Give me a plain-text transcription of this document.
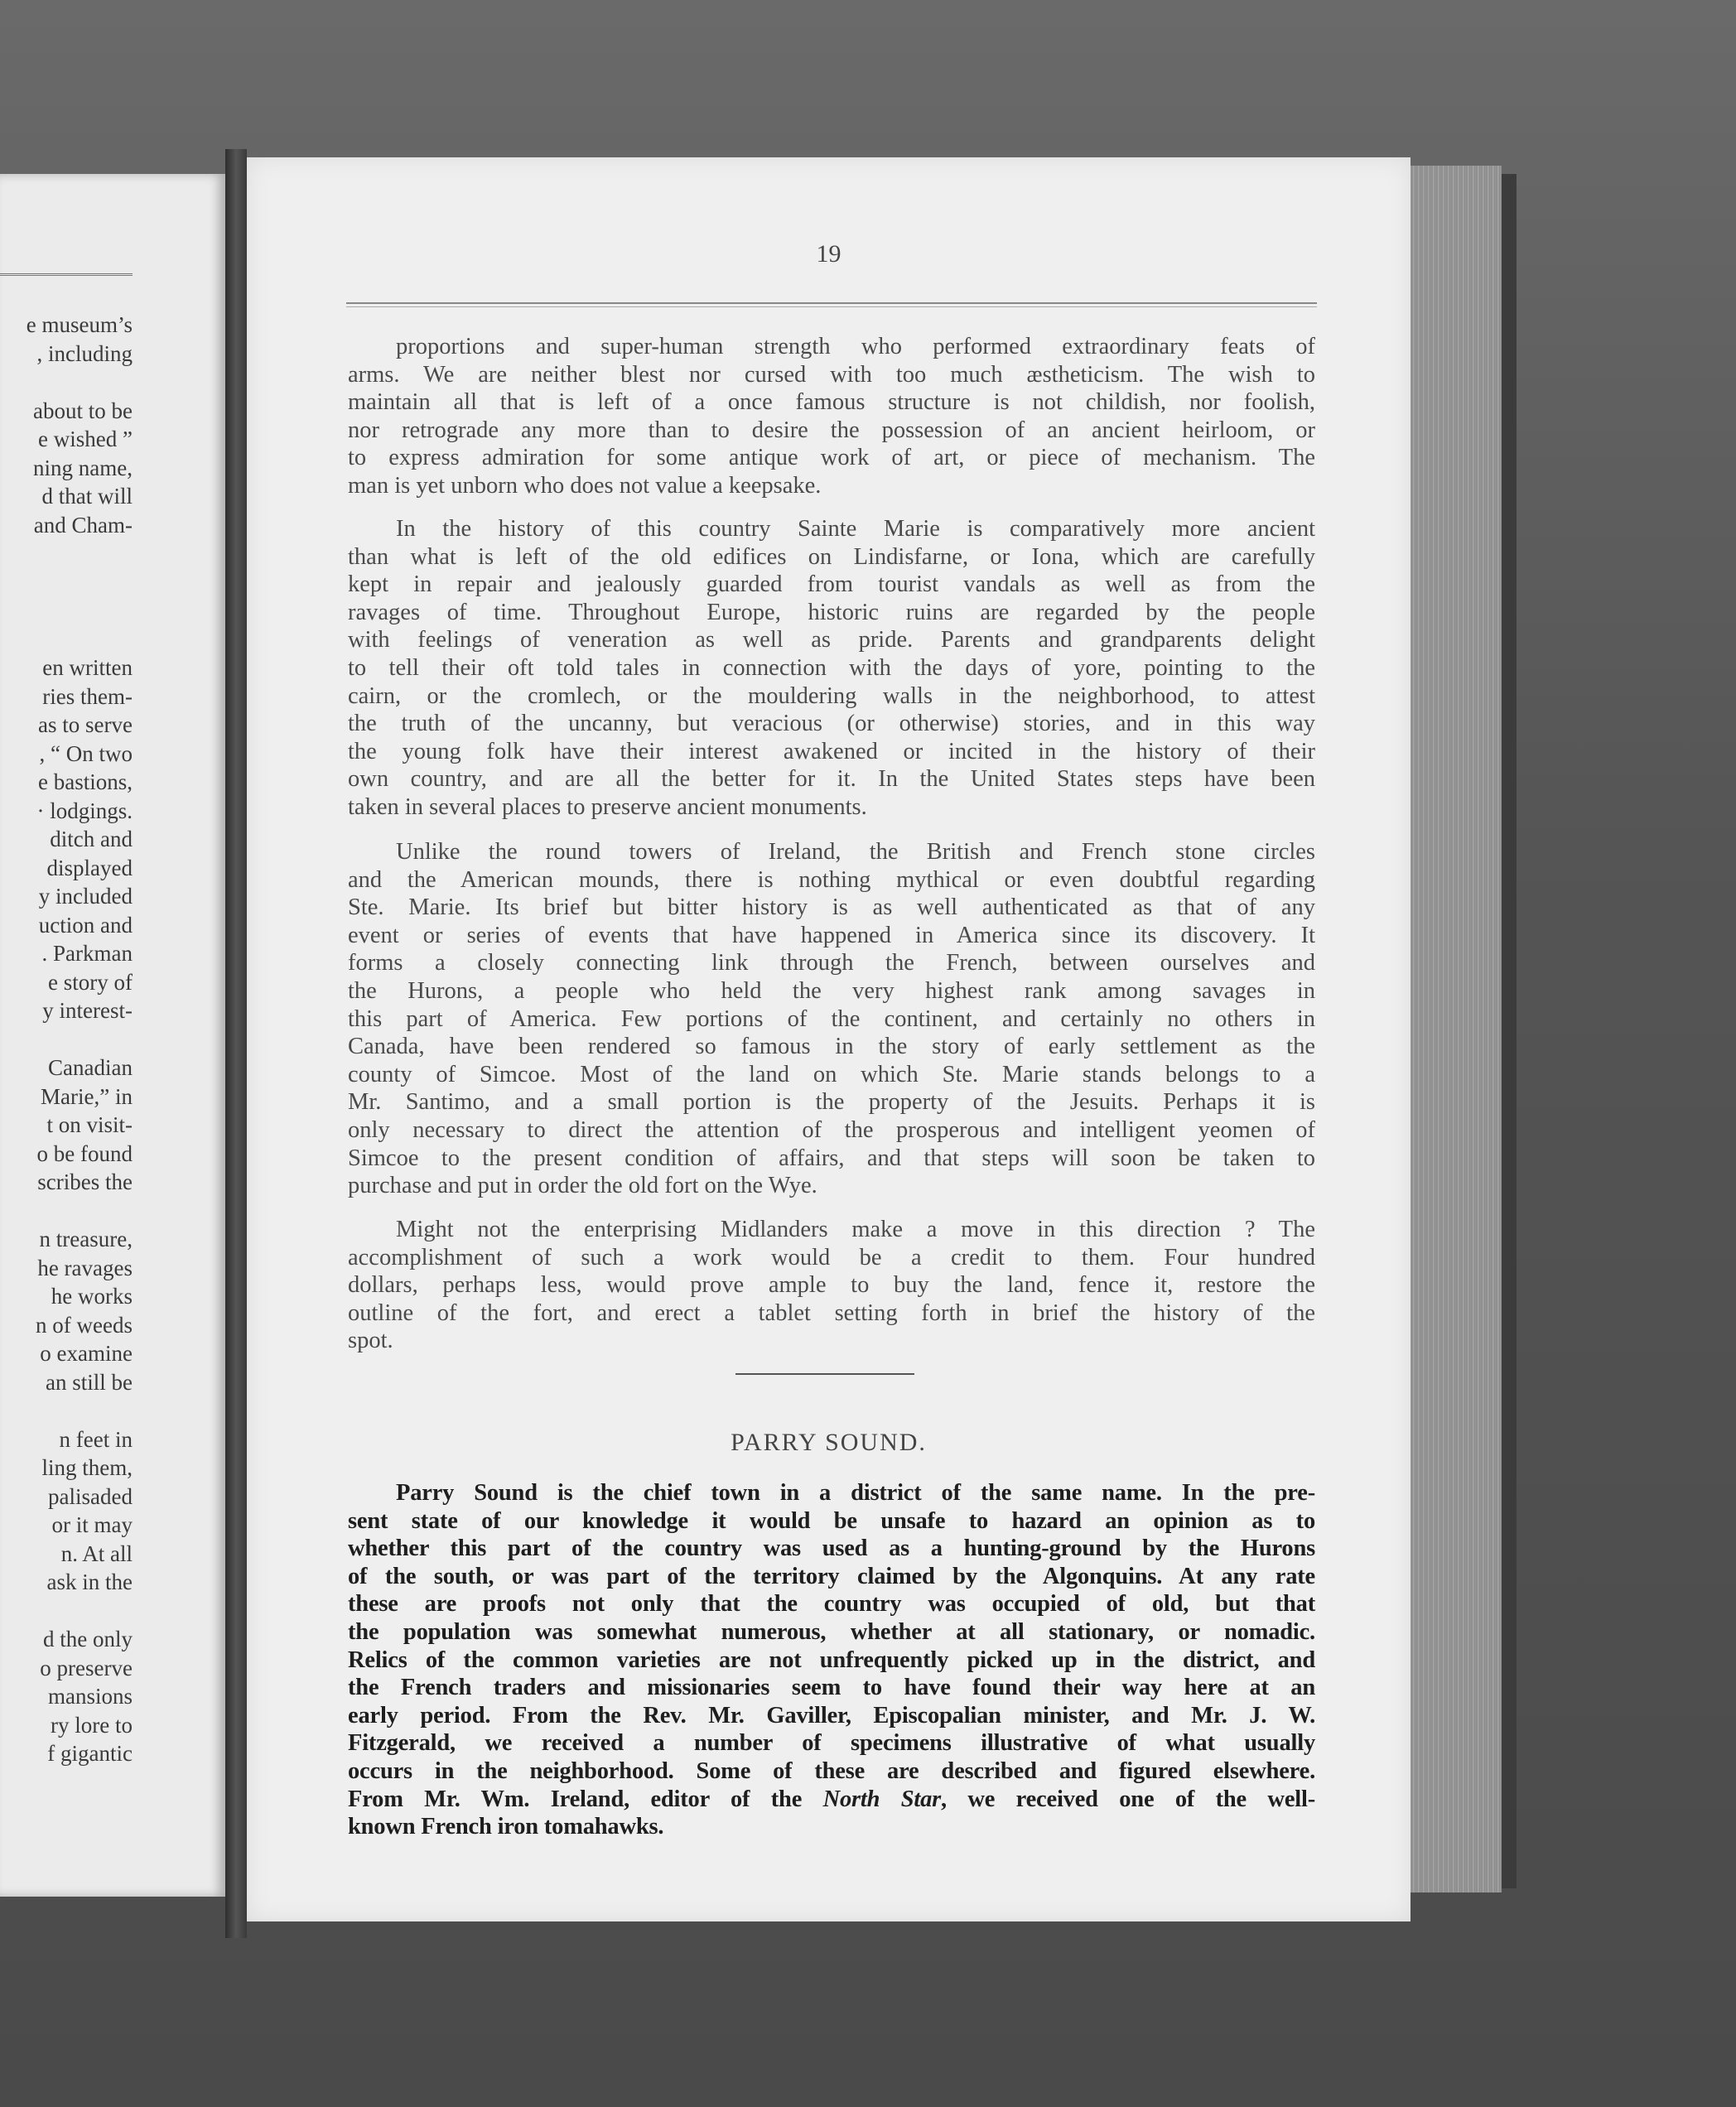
e museum’s
, including
about to be
e wished ”
ning name,
d that will
and Cham-
en written
ries them-
as to serve
, “ On two
e bastions,
· lodgings.
ditch and
displayed
y included
uction and
. Parkman
e story of
y interest-
Canadian
Marie,” in
t on visit-
o be found
scribes the
n treasure,
he ravages
he works
n of weeds
o examine
an still be
n feet in
ling them,
palisaded
or it may
n. At all
ask in the
d the only
o preserve
mansions
ry lore to
f gigantic
19
proportions and super-human strength who performed extraordinary feats of
arms. We are neither blest nor cursed with too much æstheticism. The wish to
maintain all that is left of a once famous structure is not childish, nor foolish,
nor retrograde any more than to desire the possession of an ancient heirloom, or
to express admiration for some antique work of art, or piece of mechanism. The
man is yet unborn who does not value a keepsake.
In the history of this country Sainte Marie is comparatively more ancient
than what is left of the old edifices on Lindisfarne, or Iona, which are carefully
kept in repair and jealously guarded from tourist vandals as well as from the
ravages of time. Throughout Europe, historic ruins are regarded by the people
with feelings of veneration as well as pride. Parents and grandparents delight
to tell their oft told tales in connection with the days of yore, pointing to the
cairn, or the cromlech, or the mouldering walls in the neighborhood, to attest
the truth of the uncanny, but veracious (or otherwise) stories, and in this way
the young folk have their interest awakened or incited in the history of their
own country, and are all the better for it. In the United States steps have been
taken in several places to preserve ancient monuments.
Unlike the round towers of Ireland, the British and French stone circles
and the American mounds, there is nothing mythical or even doubtful regarding
Ste. Marie. Its brief but bitter history is as well authenticated as that of any
event or series of events that have happened in America since its discovery. It
forms a closely connecting link through the French, between ourselves and
the Hurons, a people who held the very highest rank among savages in
this part of America. Few portions of the continent, and certainly no others in
Canada, have been rendered so famous in the story of early settlement as the
county of Simcoe. Most of the land on which Ste. Marie stands belongs to a
Mr. Santimo, and a small portion is the property of the Jesuits. Perhaps it is
only necessary to direct the attention of the prosperous and intelligent yeomen of
Simcoe to the present condition of affairs, and that steps will soon be taken to
purchase and put in order the old fort on the Wye.
Might not the enterprising Midlanders make a move in this direction ? The
accomplishment of such a work would be a credit to them. Four hundred
dollars, perhaps less, would prove ample to buy the land, fence it, restore the
outline of the fort, and erect a tablet setting forth in brief the history of the
spot.
PARRY SOUND.
Parry Sound is the chief town in a district of the same name. In the pre-
sent state of our knowledge it would be unsafe to hazard an opinion as to
whether this part of the country was used as a hunting-ground by the Hurons
of the south, or was part of the territory claimed by the Algonquins. At any rate
these are proofs not only that the country was occupied of old, but that
the population was somewhat numerous, whether at all stationary, or nomadic.
Relics of the common varieties are not unfrequently picked up in the district, and
the French traders and missionaries seem to have found their way here at an
early period. From the Rev. Mr. Gaviller, Episcopalian minister, and Mr. J. W.
Fitzgerald, we received a number of specimens illustrative of what usually
occurs in the neighborhood. Some of these are described and figured elsewhere.
From Mr. Wm. Ireland, editor of the North Star, we received one of the well-
known French iron tomahawks.
